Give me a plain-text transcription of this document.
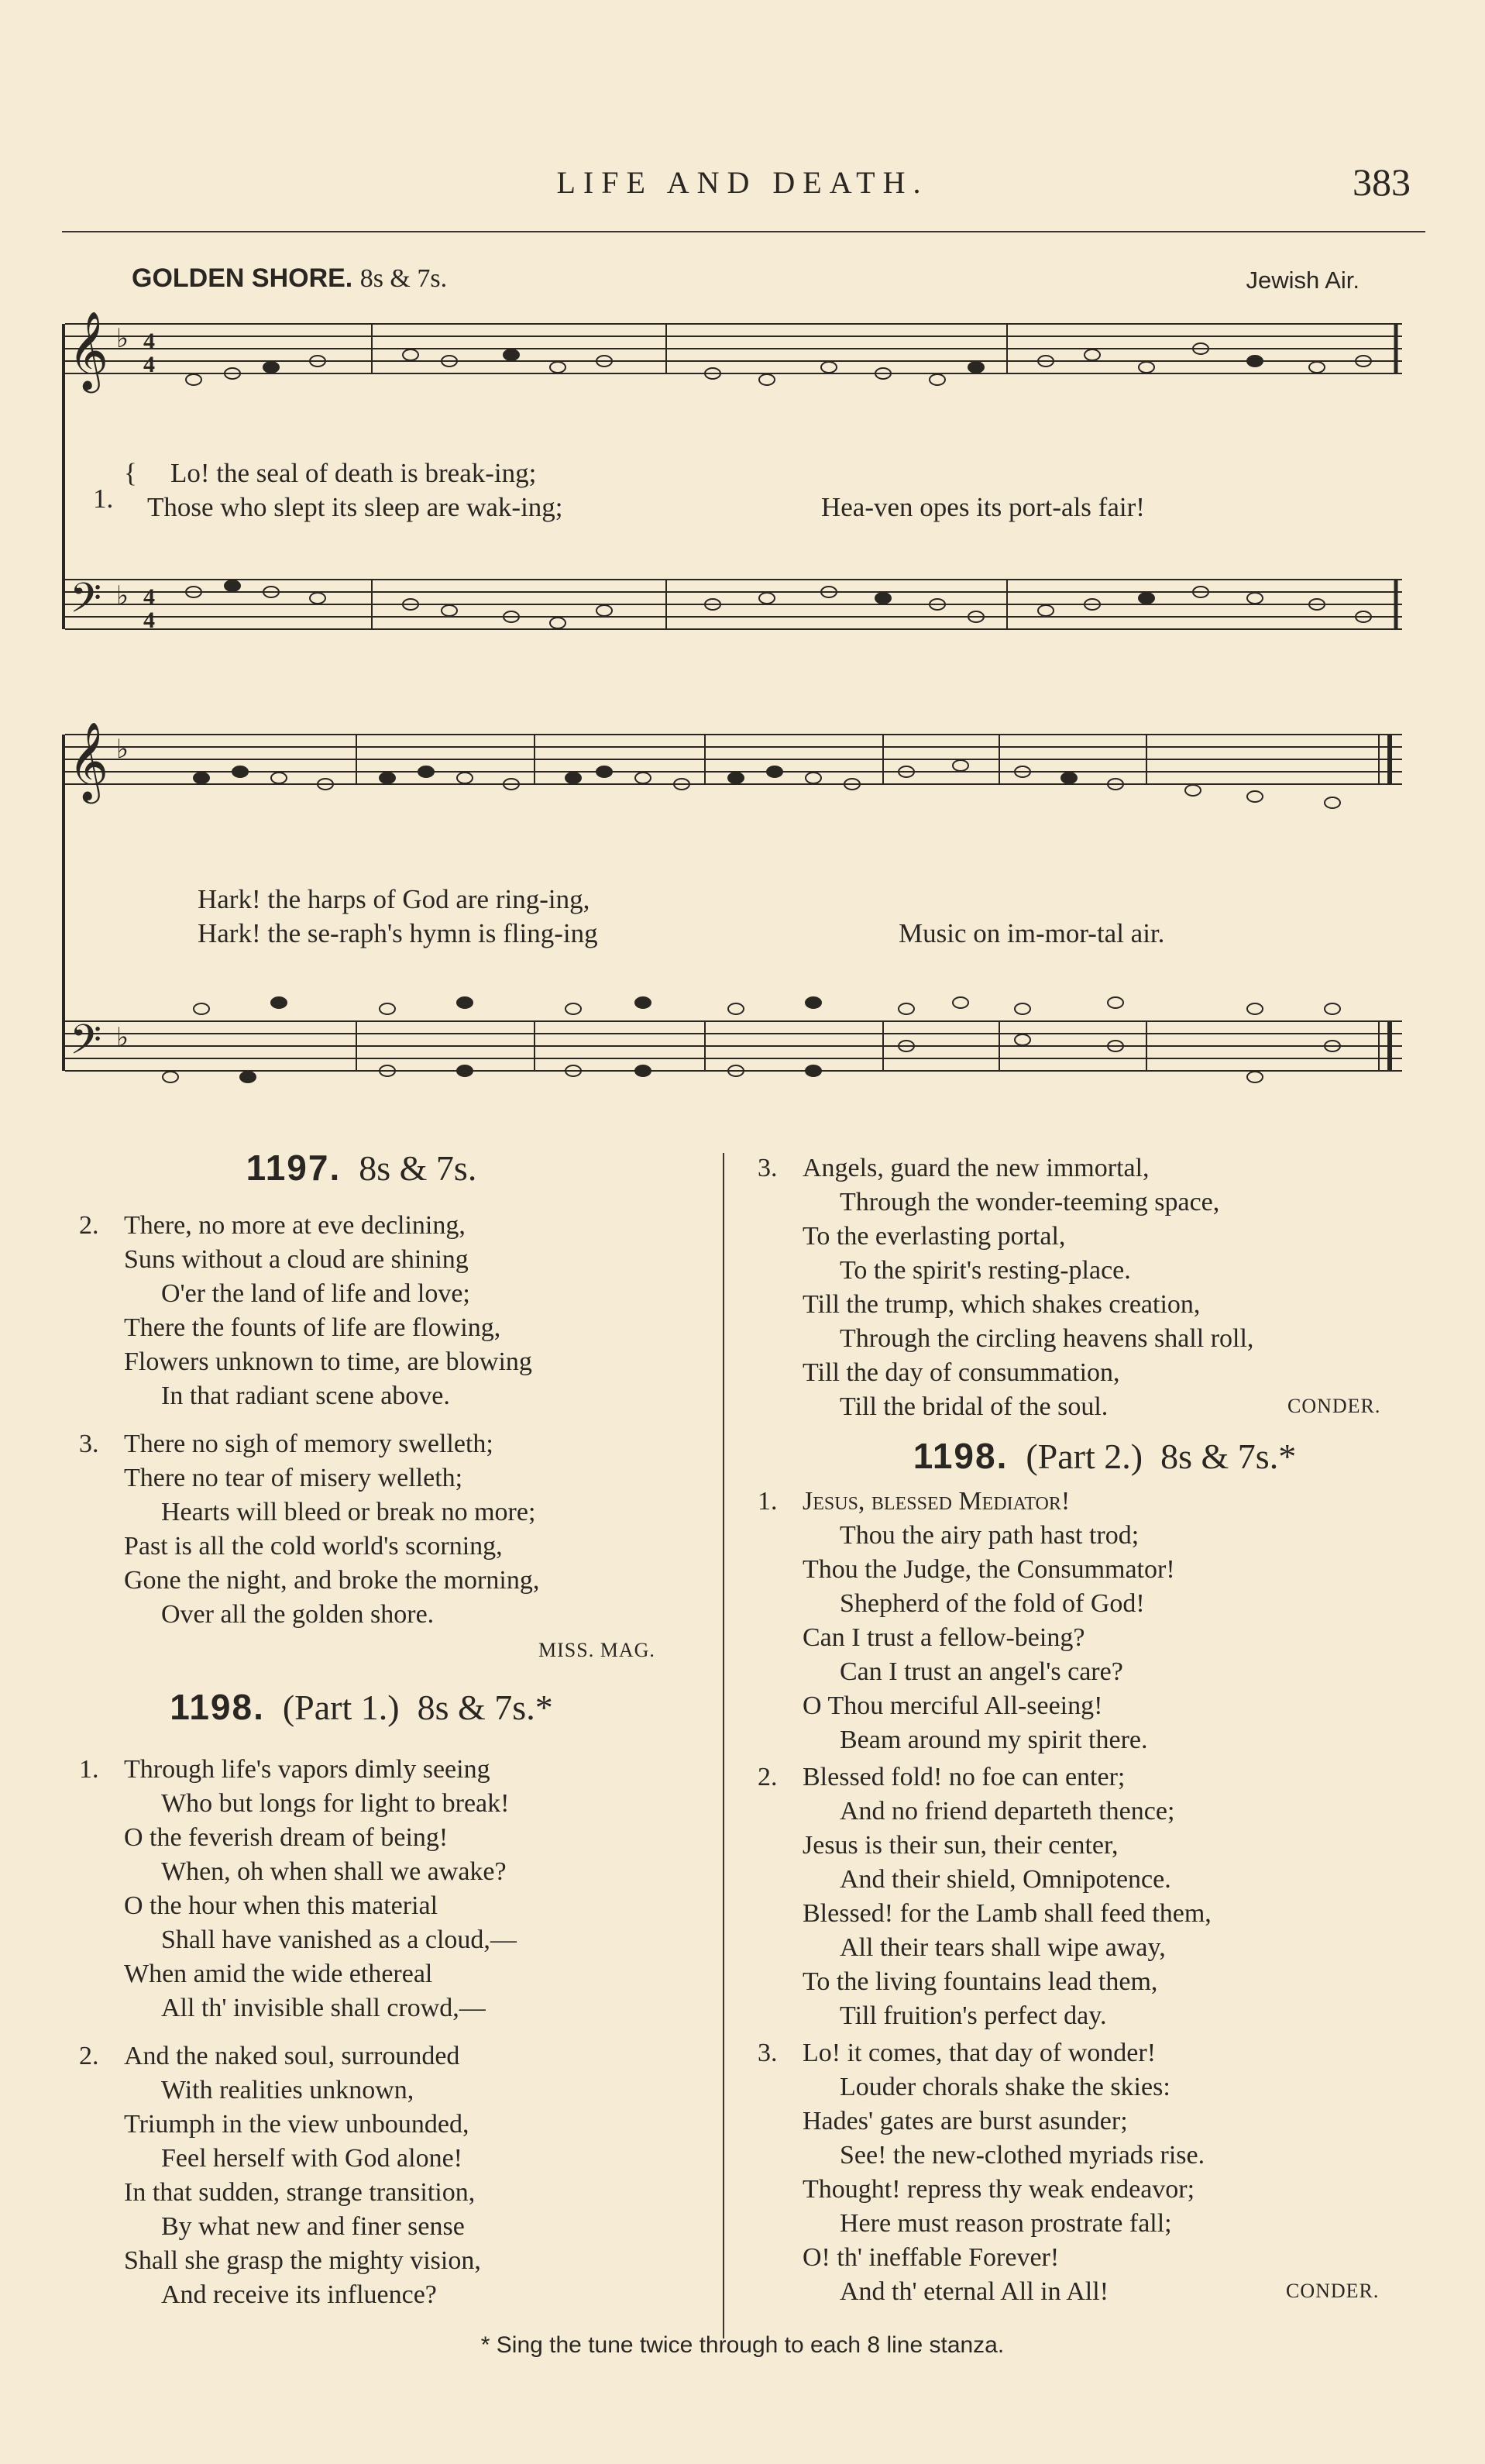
LIFE AND DEATH.	383
GOLDEN SHORE. 8s & 7s.	Jewish Air.
𝄞
𝄢
♭
♭
4
4
4
4
1.
{ Lo! the seal of death is break-ing;
Those who slept its sleep are wak-ing;	Hea-ven opes its port-als fair!
𝄞
𝄢
♭
♭
Hark! the harps of God are ring-ing,
Hark! the se-raph's hymn is fling-ing	Music on im-mor-tal air.
1197. 8s & 7s.
2. There, no more at eve declining,
Suns without a cloud are shining
O'er the land of life and love;
There the founts of life are flowing,
Flowers unknown to time, are blowing
In that radiant scene above.
3. There no sigh of memory swelleth;
There no tear of misery welleth;
Hearts will bleed or break no more;
Past is all the cold world's scorning,
Gone the night, and broke the morning,
Over all the golden shore.
MISS. MAG.
1198. (Part 1.) 8s & 7s.*
1. Through life's vapors dimly seeing
Who but longs for light to break!
O the feverish dream of being!
When, oh when shall we awake?
O the hour when this material
Shall have vanished as a cloud,—
When amid the wide ethereal
All th' invisible shall crowd,—
2. And the naked soul, surrounded
With realities unknown,
Triumph in the view unbounded,
Feel herself with God alone!
In that sudden, strange transition,
By what new and finer sense
Shall she grasp the mighty vision,
And receive its influence?
3. Angels, guard the new immortal,
Through the wonder-teeming space,
To the everlasting portal,
To the spirit's resting-place.
Till the trump, which shakes creation,
Through the circling heavens shall roll,
Till the day of consummation,
Till the bridal of the soul.	CONDER.
1198. (Part 2.) 8s & 7s.*
1. Jesus, blessed Mediator!
Thou the airy path hast trod;
Thou the Judge, the Consummator!
Shepherd of the fold of God!
Can I trust a fellow-being?
Can I trust an angel's care?
O Thou merciful All-seeing!
Beam around my spirit there.
2. Blessed fold! no foe can enter;
And no friend departeth thence;
Jesus is their sun, their center,
And their shield, Omnipotence.
Blessed! for the Lamb shall feed them,
All their tears shall wipe away,
To the living fountains lead them,
Till fruition's perfect day.
3. Lo! it comes, that day of wonder!
Louder chorals shake the skies:
Hades' gates are burst asunder;
See! the new-clothed myriads rise.
Thought! repress thy weak endeavor;
Here must reason prostrate fall;
O! th' ineffable Forever!
And th' eternal All in All!	CONDER.
* Sing the tune twice through to each 8 line stanza.
